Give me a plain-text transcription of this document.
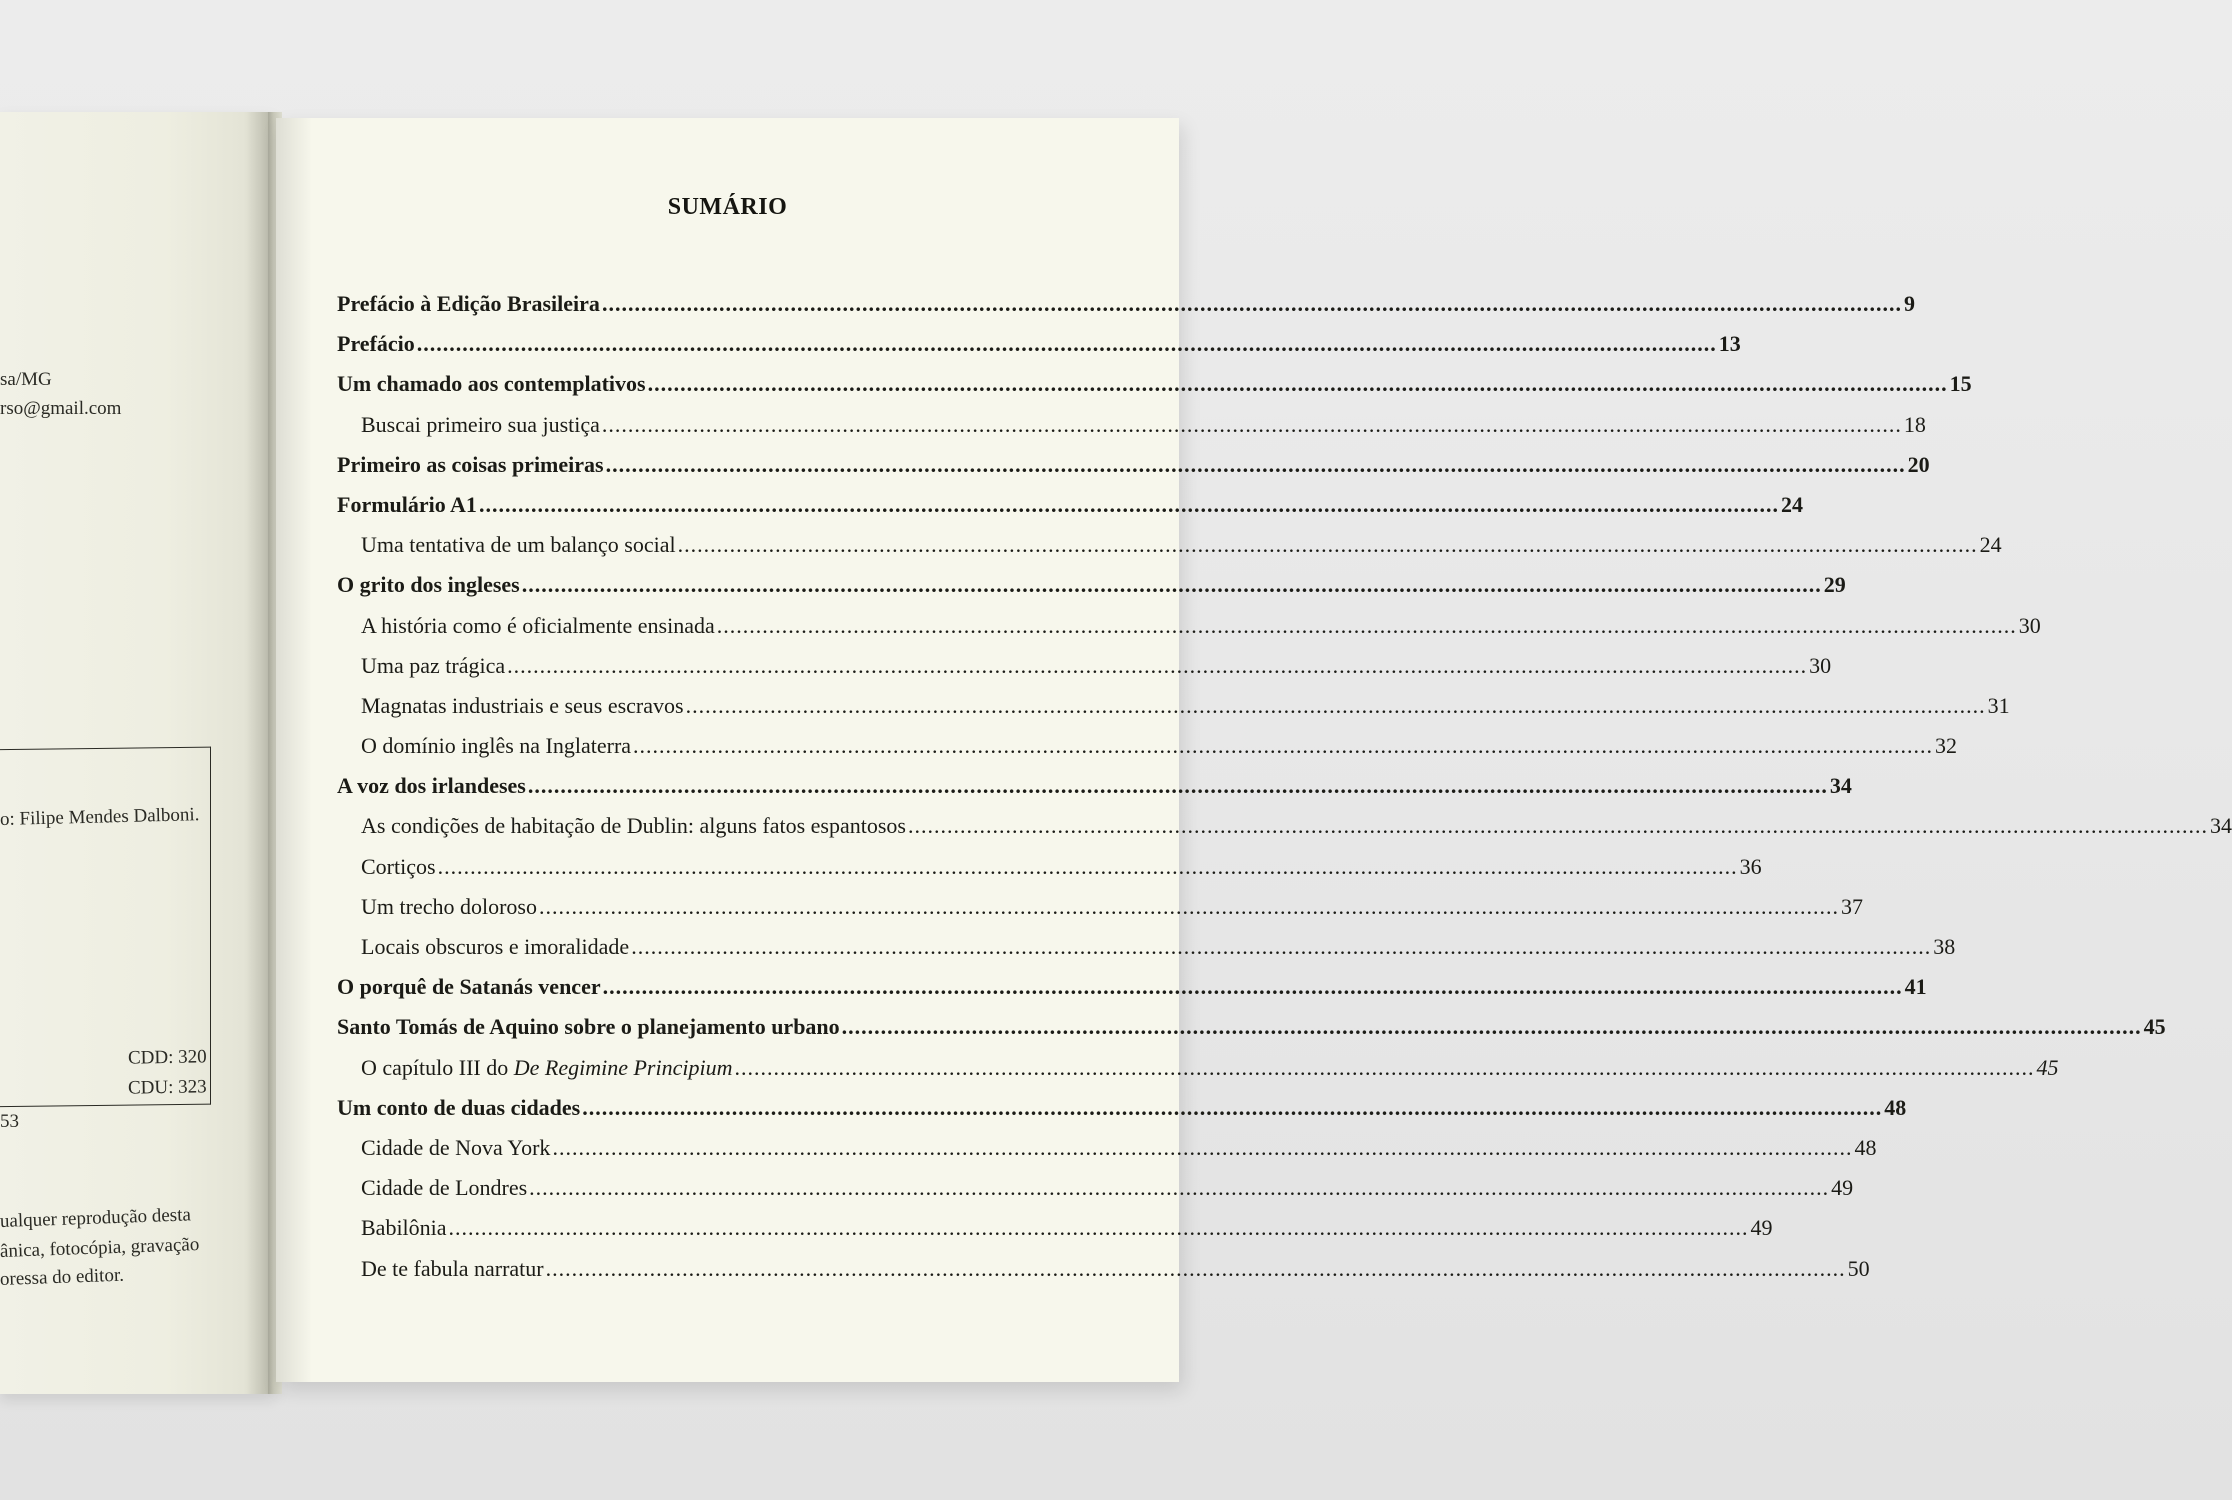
sa/MG
rso@gmail.com
o: Filipe Mendes Dalboni.
CDD: 320
CDU: 323
53
ualquer reprodução desta
ânica, fotocópia, gravação
oressa do editor.
SUMÁRIO
Prefácio à Edição Brasileira ........................................................................................................................................................................................................ 9
Prefácio ........................................................................................................................................................................................................ 13
Um chamado aos contemplativos ........................................................................................................................................................................................................ 15
Buscai primeiro sua justiça ........................................................................................................................................................................................................ 18
Primeiro as coisas primeiras ........................................................................................................................................................................................................ 20
Formulário A1 ........................................................................................................................................................................................................ 24
Uma tentativa de um balanço social ........................................................................................................................................................................................................ 24
O grito dos ingleses ........................................................................................................................................................................................................ 29
A história como é oficialmente ensinada ........................................................................................................................................................................................................ 30
Uma paz trágica ........................................................................................................................................................................................................ 30
Magnatas industriais e seus escravos ........................................................................................................................................................................................................ 31
O domínio inglês na Inglaterra ........................................................................................................................................................................................................ 32
A voz dos irlandeses ........................................................................................................................................................................................................ 34
As condições de habitação de Dublin: alguns fatos espantosos ........................................................................................................................................................................................................ 34
Cortiços ........................................................................................................................................................................................................ 36
Um trecho doloroso ........................................................................................................................................................................................................ 37
Locais obscuros e imoralidade ........................................................................................................................................................................................................ 38
O porquê de Satanás vencer ........................................................................................................................................................................................................ 41
Santo Tomás de Aquino sobre o planejamento urbano ........................................................................................................................................................................................................ 45
O capítulo III do De Regimine Principium ........................................................................................................................................................................................................ 45
Um conto de duas cidades ........................................................................................................................................................................................................ 48
Cidade de Nova York ........................................................................................................................................................................................................ 48
Cidade de Londres ........................................................................................................................................................................................................ 49
Babilônia ........................................................................................................................................................................................................ 49
De te fabula narratur ........................................................................................................................................................................................................ 50
